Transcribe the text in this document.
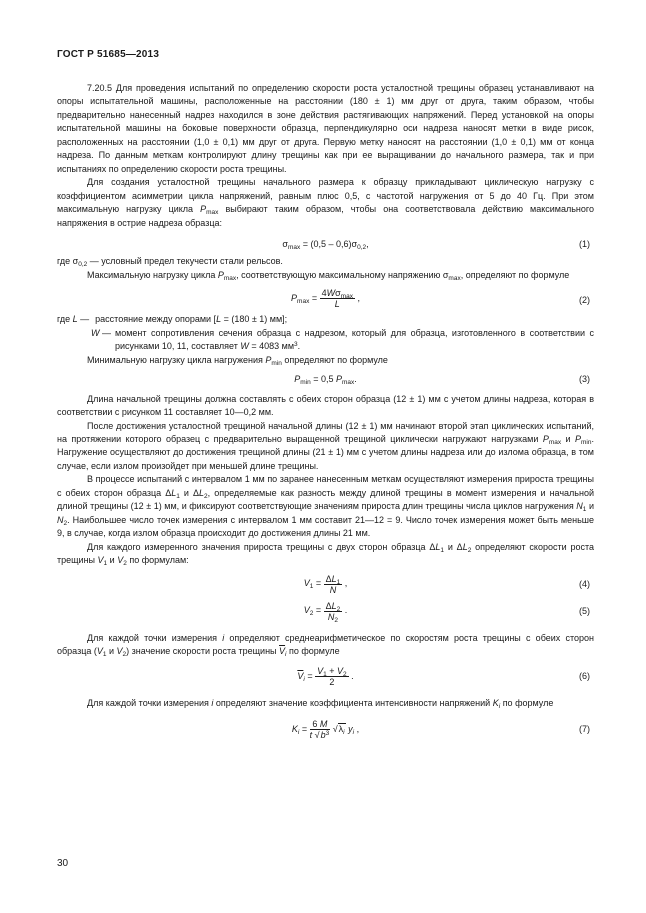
ГОСТ Р 51685—2013

7.20.5 Для проведения испытаний по определению скорости роста усталостной трещины образец устанавливают на опоры испытательной машины, расположенные на расстоянии (180 ± 1) мм друг от друга, таким образом, чтобы предварительно нанесенный надрез находился в зоне действия растягивающих напряжений. Перед установкой на опоры испытательной машины на боковые поверхности образца, перпендикулярно оси надреза наносят метки в виде рисок, расположенных на расстоянии (1,0 ± 0,1) мм друг от друга. Первую метку наносят на расстоянии (1,0 ± 0,1) мм от конца надреза. По данным меткам контролируют длину трещины как при ее выращивании до начального размера, так и при испытаниях по определению скорости роста трещины.

Для создания усталостной трещины начального размера к образцу прикладывают циклическую нагрузку с коэффициентом асимметрии цикла напряжений, равным плюс 0,5, с частотой нагружения от 5 до 40 Гц. При этом максимальную нагрузку цикла $P_{max}$ выбирают таким образом, чтобы она соответствовала действию максимального напряжения в острие надреза образца:

$\sigma_{max} = (0,5 - 0,6)\sigma_{0,2}$,	(1)

где $\sigma_{0,2}$ — условный предел текучести стали рельсов.

Максимальную нагрузку цикла $P_{max}$, соответствующую максимальному напряжению $\sigma_{max}$, определяют по формуле

$P_{max} = 4W\sigma_{max}$
L
,	(2)
где L — расстояние между опорами [L = (180 ± 1) мм];
W — момент сопротивления сечения образца с надрезом, который для образца, изготовленного в соответствии с рисунками 10, 11, составляет W = 4083 $мм^3$.

Минимальную нагрузку цикла нагружения $P_{min}$ определяют по формуле

$P_{min} = 0,5$ $P_{max}$.	(3)

Длина начальной трещины должна составлять с обеих сторон образца (12 ± 1) мм с учетом длины надреза, которая в соответствии с рисунком 11 составляет 10—0,2 мм.

После достижения усталостной трещиной начальной длины (12 ± 1) мм начинают второй этап циклических испытаний, на протяжении которого образец с предварительно выращенной трещиной циклически нагружают нагрузками $P_{max}$ и $P_{min}$. Нагружение осуществляют до достижения трещиной длины (21 ± 1) мм с учетом длины надреза или до излома образца, в том случае, если излом произойдет при меньшей длине трещины.

В процессе испытаний с интервалом 1 мм по заранее нанесенным меткам осуществляют измерения прироста трещины с обеих сторон образца $\Delta L_1$ и $\Delta L_2$, определяемые как разность между длиной трещины в момент измерения и начальной длиной трещины (12 ± 1) мм, и фиксируют соответствующие значениям прироста длин трещины числа циклов нагружения $N_1$ и $N_2$. Наибольшее число точек измерения с интервалом 1 мм составит 21—12 = 9. Число точек измерения может быть меньше 9, в случае, когда излом образца происходит до достижения длины 21 мм.

Для каждого измеренного значения прироста трещины с двух сторон образца $\Delta L_1$ и $\Delta L_2$ определяют скорости роста трещины $V_1$ и $V_2$ по формулам:

$V_1 = \frac{\Delta L_1}{N}$ ,	(4)
$V_2 = \frac{\Delta L_2}{N_2}$ .	(5)

Для каждой точки измерения i определяют среднеарифметическое по скоростям роста трещины с обеих сторон образца ($V_1$ и $V_2$) значение скорости роста трещины $\overline{V}_i$ по формуле

$\overline{V}_i = \frac{V_1 + V_2}{2}$ .	(6)

Для каждой точки измерения i определяют значение коэффициента интенсивности напряжений $K_i$ по формуле

$K_i = \frac{6 M}{t √b^3} √\lambda_i$ $y_i$ ,	(7)
30
